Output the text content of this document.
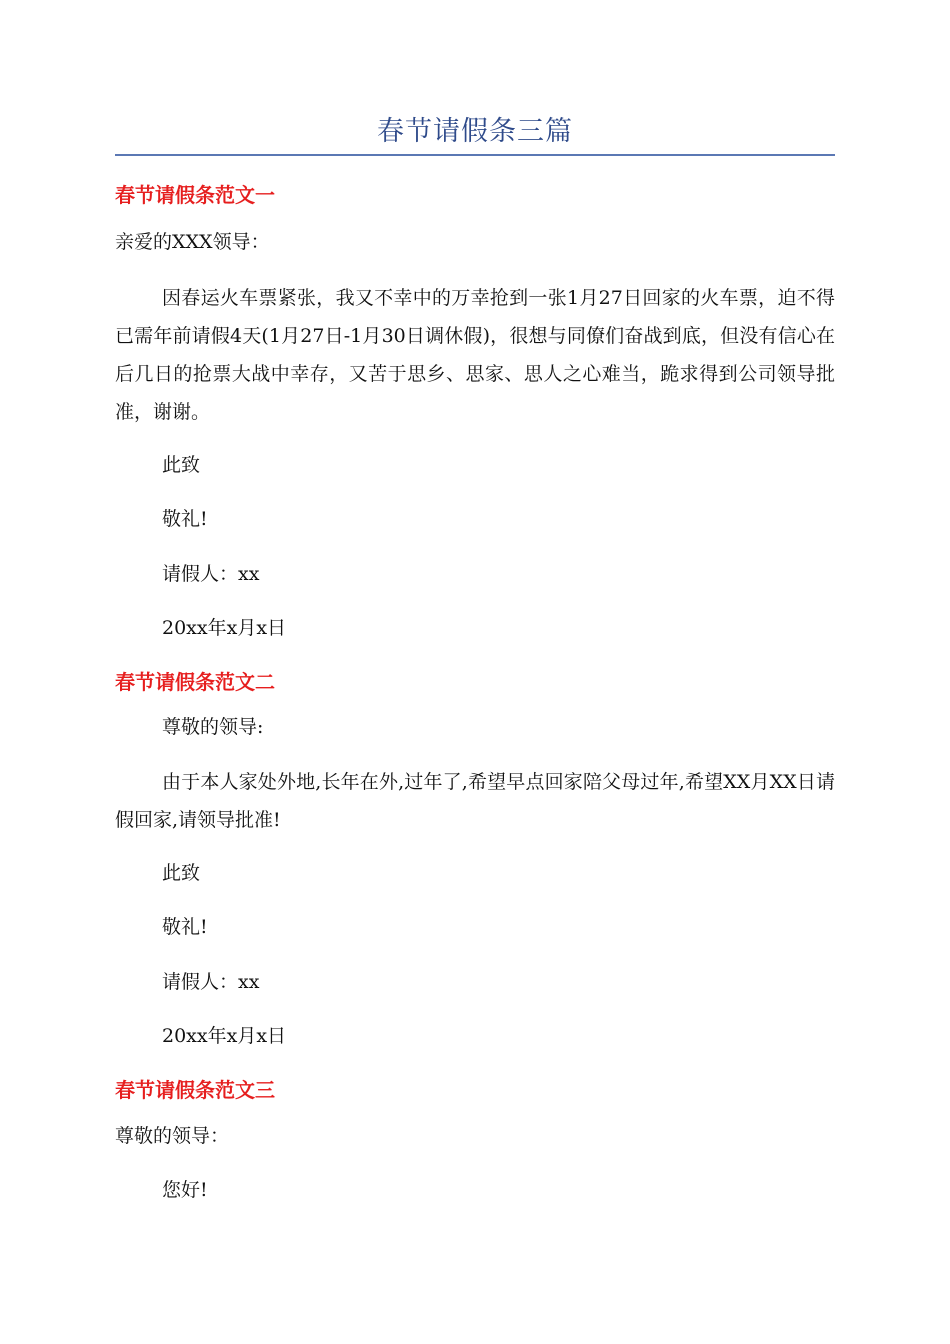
春节请假条三篇
春节请假条范文一
亲爱的XXX领导：
因春运火车票紧张，我又不幸中的万幸抢到一张1月27日回家的火车票，迫不得已需年前请假4天(1月27日-1月30日调休假)，很想与同僚们奋战到底，但没有信心在后几日的抢票大战中幸存，又苦于思乡、思家、思人之心难当，跪求得到公司领导批准，谢谢。
此致
敬礼!
请假人：xx
20xx年x月x日
春节请假条范文二
尊敬的领导:
由于本人家处外地,长年在外,过年了,希望早点回家陪父母过年,希望XX月XX日请假回家,请领导批准!
此致
敬礼!
请假人：xx
20xx年x月x日
春节请假条范文三
尊敬的领导：
您好!
